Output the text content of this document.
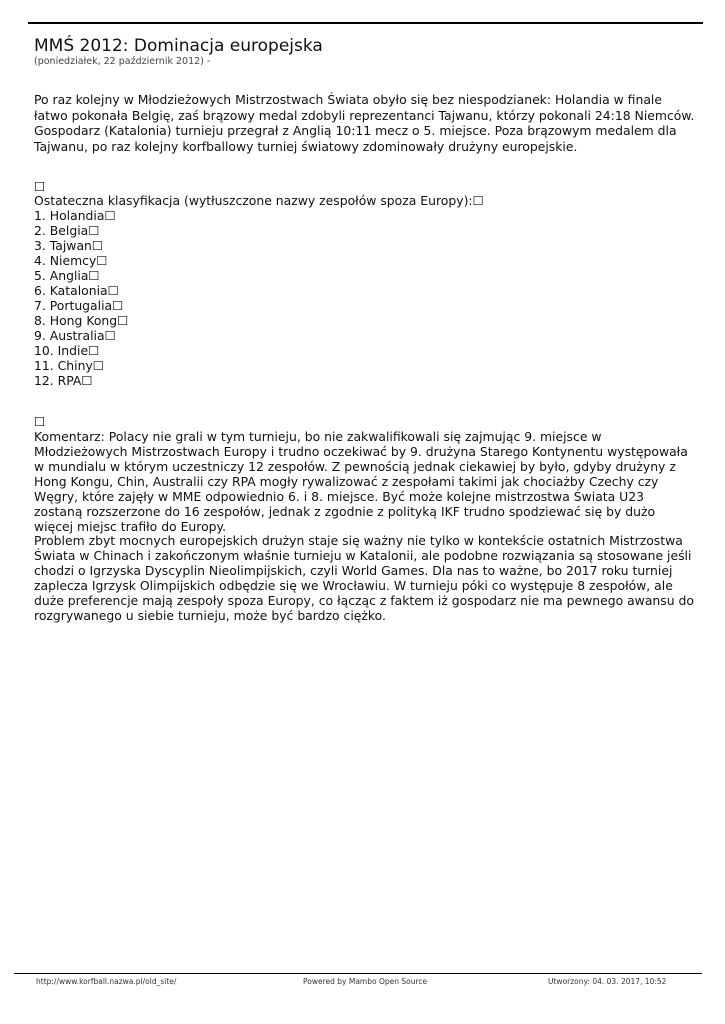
MMŚ 2012: Dominacja europejska
(poniedziałek, 22 październik 2012) -

Po raz kolejny w Młodzieżowych Mistrzostwach Świata obyło się bez niespodzianek: Holandia w finale łatwo pokonała Belgię, zaś brązowy medal zdobyli reprezentanci Tajwanu, którzy pokonali 24:18 Niemców. Gospodarz (Katalonia) turnieju przegrał z Anglią 10:11 mecz o 5. miejsce. Poza brązowym medalem dla Tajwanu, po raz kolejny korfballowy turniej światowy zdominowały drużyny europejskie.

☐
Ostateczna klasyfikacja (wytłuszczone nazwy zespołów spoza Europy):☐
1. Holandia☐
2. Belgia☐
3. Tajwan☐
4. Niemcy☐
5. Anglia☐
6. Katalonia☐
7. Portugalia☐
8. Hong Kong☐
9. Australia☐
10. Indie☐
11. Chiny☐
12. RPA☐
☐

Komentarz: Polacy nie grali w tym turnieju, bo nie zakwalifikowali się zajmując 9. miejsce w Młodzieżowych Mistrzostwach Europy i trudno oczekiwać by 9. drużyna Starego Kontynentu występowała w mundialu w którym uczestniczy 12 zespołów. Z pewnością jednak ciekawiej by było, gdyby drużyny z Hong Kongu, Chin, Australii czy RPA mogły rywalizować z zespołami takimi jak chociażby Czechy czy Węgry, które zajęły w MME odpowiednio 6. i 8. miejsce. Być może kolejne mistrzostwa Świata U23 zostaną rozszerzone do 16 zespołów, jednak z zgodnie z polityką IKF trudno spodziewać się by dużo więcej miejsc trafiło do Europy.

Problem zbyt mocnych europejskich drużyn staje się ważny nie tylko w kontekście ostatnich Mistrzostwa Świata w Chinach i zakończonym właśnie turnieju w Katalonii, ale podobne rozwiązania są stosowane jeśli chodzi o Igrzyska Dyscyplin Nieolimpijskich, czyli World Games. Dla nas to ważne, bo 2017 roku turniej zaplecza Igrzysk Olimpijskich odbędzie się we Wrocławiu. W turnieju póki co występuje 8 zespołów, ale duże preferencje mają zespoły spoza Europy, co łącząc z faktem iż gospodarz nie ma pewnego awansu do rozgrywanego u siebie turnieju, może być bardzo ciężko.

http://www.korfball.nazwa.pl/old_site/	Powered by Mambo Open Source	Utworzony: 04. 03. 2017, 10:52
